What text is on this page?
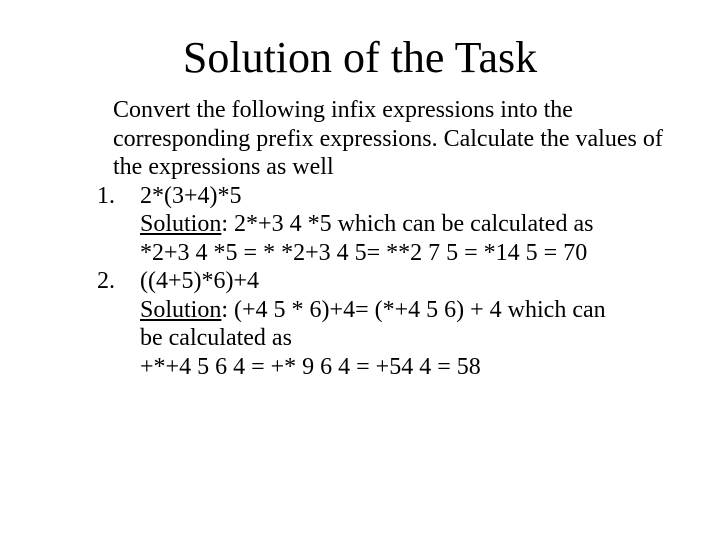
Solution of the Task
Convert the following infix expressions into the corresponding prefix expressions. Calculate the values of the expressions as well
1. 2*(3+4)*5
Solution: 2*+3 4 *5 which can be calculated as
*2+3 4 *5 = * *2+3 4 5= **2 7 5 = *14 5 = 70
2. ((4+5)*6)+4
Solution: (+4 5 * 6)+4= (*+4 5 6) + 4 which can
be calculated as
+*+4 5 6 4 = +* 9 6 4 = +54 4 = 58
